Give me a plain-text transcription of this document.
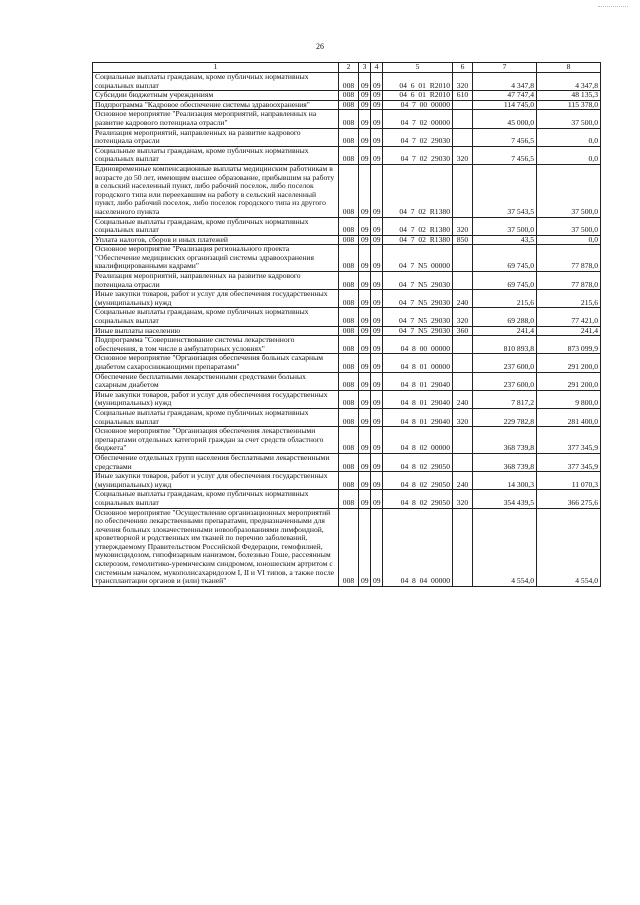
26
1	2	3	4	5	6	7	8
Социальные выплаты гражданам, кроме публичных нормативных социальных выплат	008	09	09	04  6  01  R2010	320	4 347,8	4 347,8
Субсидии бюджетным учреждениям	008	09	09	04  6  01  R2010	610	47 747,4	48 135,3
Подпрограмма "Кадровое обеспечение системы здравоохранения"	008	09	09	04  7  00  00000		114 745,0	115 378,0
Основное мероприятие "Реализация мероприятий, направленных на развитие кадрового потенциала отрасли"	008	09	09	04  7  02  00000		45 000,0	37 500,0
Реализация мероприятий, направленных на развитие кадрового потенциала отрасли	008	09	09	04  7  02  29030		7 456,5	0,0
Социальные выплаты гражданам, кроме публичных нормативных социальных выплат	008	09	09	04  7  02  29030	320	7 456,5	0,0
Единовременные компенсационные выплаты медицинским работникам в возрасте до 50 лет, имеющим высшее образование, прибывшим на работу в сельский населенный пункт, либо рабочий поселок, либо поселок городского типа или переехавшим на работу в сельский населенный пункт, либо рабочий поселок, либо поселок городского типа из другого населенного пункта	008	09	09	04  7  02  R1380		37 543,5	37 500,0
Социальные выплаты гражданам, кроме публичных нормативных социальных выплат	008	09	09	04  7  02  R1380	320	37 500,0	37 500,0
Уплата налогов, сборов и иных платежей	008	09	09	04  7  02  R1380	850	43,5	0,0
Основное мероприятие "Реализация регионального проекта "Обеспечение медицинских организаций системы здравоохранения квалифицированными кадрами"	008	09	09	04  7  N5  00000		69 745,0	77 878,0
Реализация мероприятий, направленных на развитие кадрового потенциала отрасли	008	09	09	04  7  N5  29030		69 745,0	77 878,0
Иные закупки товаров, работ и услуг для обеспечения государственных (муниципальных) нужд	008	09	09	04  7  N5  29030	240	215,6	215,6
Социальные выплаты гражданам, кроме публичных нормативных социальных выплат	008	09	09	04  7  N5  29030	320	69 288,0	77 421,0
Иные выплаты населению	008	09	09	04  7  N5  29030	360	241,4	241,4
Подпрограмма "Совершенствование системы лекарственного обеспечения, в том числе в амбулаторных условиях"	008	09	09	04  8  00  00000		810 893,8	873 099,9
Основное мероприятие "Организация обеспечения больных сахарным диабетом сахароснижающими препаратами"	008	09	09	04  8  01  00000		237 600,0	291 200,0
Обеспечение бесплатными лекарственными средствами больных сахарным диабетом	008	09	09	04  8  01  29040		237 600,0	291 200,0
Иные закупки товаров, работ и услуг для обеспечения государственных (муниципальных) нужд	008	09	09	04  8  01  29040	240	7 817,2	9 800,0
Социальные выплаты гражданам, кроме публичных нормативных социальных выплат	008	09	09	04  8  01  29040	320	229 782,8	281 400,0
Основное мероприятие "Организация обеспечения лекарственными препаратами отдельных категорий граждан за счет средств областного бюджета"	008	09	09	04  8  02  00000		368 739,8	377 345,9
Обеспечение отдельных групп населения бесплатными лекарственными средствами	008	09	09	04  8  02  29050		368 739,8	377 345,9
Иные закупки товаров, работ и услуг для обеспечения государственных (муниципальных) нужд	008	09	09	04  8  02  29050	240	14 300,3	11 070,3
Социальные выплаты гражданам, кроме публичных нормативных социальных выплат	008	09	09	04  8  02  29050	320	354 439,5	366 275,6
Основное мероприятие "Осуществление организационных мероприятий по обеспечению лекарственными препаратами, предназначенными для лечения больных злокачественными новообразованиями лимфоидной, кроветворной и родственных им тканей по перечню заболеваний, утверждаемому Правительством Российской Федерации, гемофилией, муковисцидозом, гипофизарным нанизмом, болезнью Гоше, рассеянным склерозом, гемолитико-уремическим синдромом, юношеским артритом с системным началом, мукополисахаридозом I, II и VI типов, а также после трансплантации органов и (или) тканей"	008	09	09	04  8  04  00000		4 554,0	4 554,0
